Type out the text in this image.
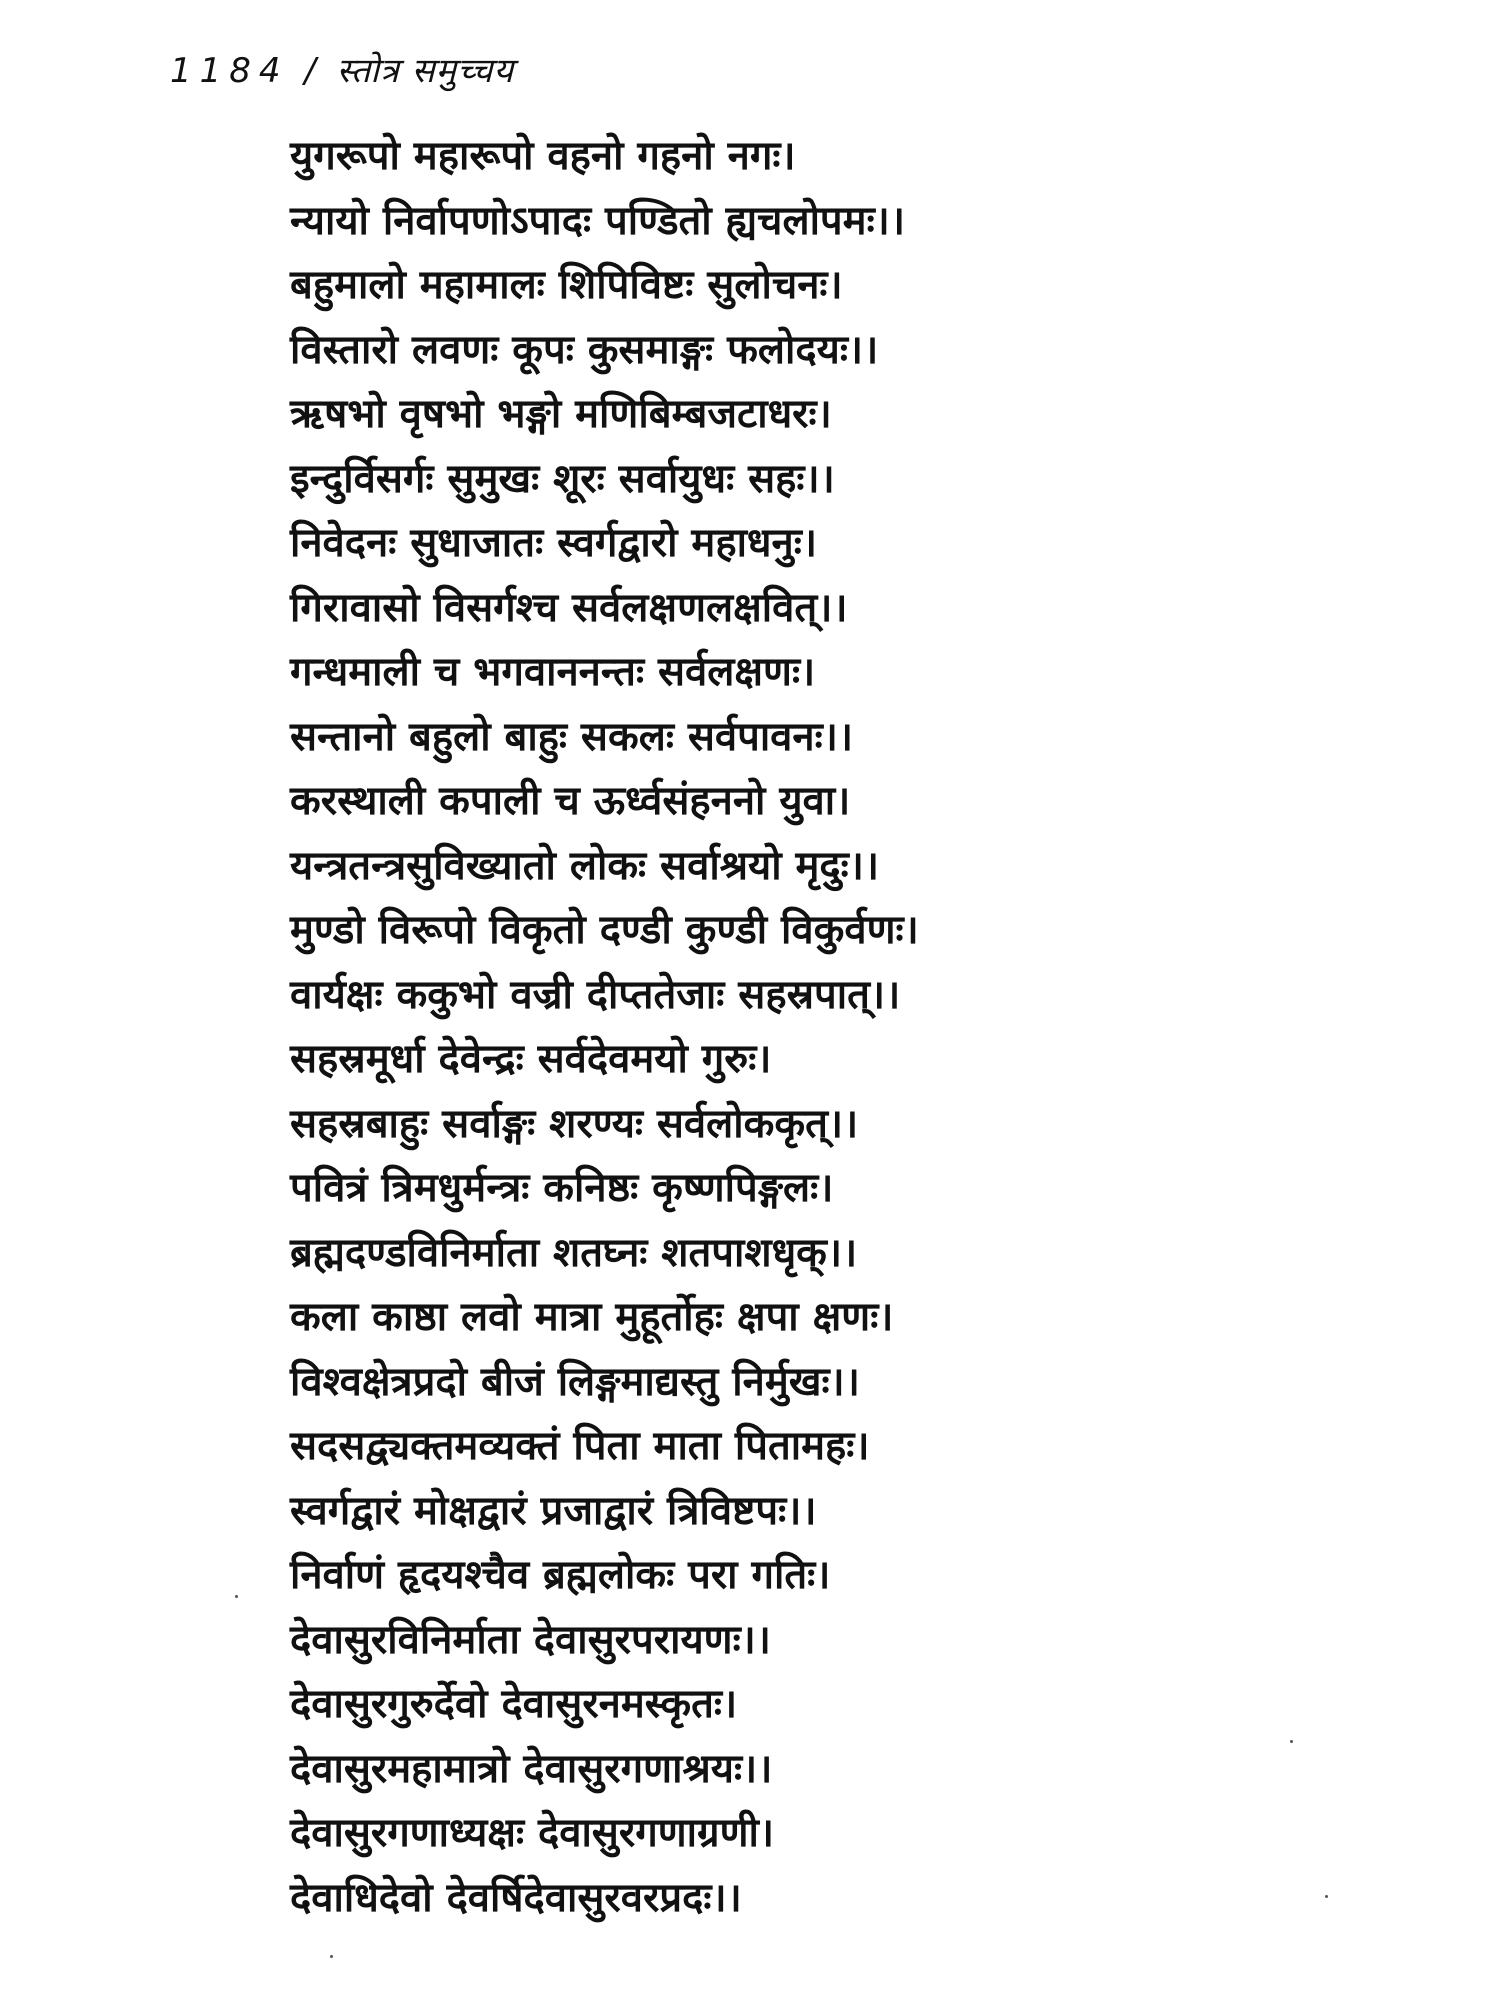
1184 / स्तोत्र समुच्चय
युगरूपो महारूपो वहनो गहनो नगः।
न्यायो निर्वापणोऽपादः पण्डितो ह्यचलोपमः।।
बहुमालो महामालः शिपिविष्टः सुलोचनः।
विस्तारो लवणः कूपः कुसमाङ्गः फलोदयः।।
ऋषभो वृषभो भङ्गो मणिबिम्बजटाधरः।
इन्दुर्विसर्गः सुमुखः शूरः सर्वायुधः सहः।।
निवेदनः सुधाजातः स्वर्गद्वारो महाधनुः।
गिरावासो विसर्गश्च सर्वलक्षणलक्षवित्।।
गन्धमाली च भगवाननन्तः सर्वलक्षणः।
सन्तानो बहुलो बाहुः सकलः सर्वपावनः।।
करस्थाली कपाली च ऊर्ध्वसंहननो युवा।
यन्त्रतन्त्रसुविख्यातो लोकः सर्वाश्रयो मृदुः।।
मुण्डो विरूपो विकृतो दण्डी कुण्डी विकुर्वणः।
वार्यक्षः ककुभो वज्री दीप्ततेजाः सहस्रपात्।।
सहस्रमूर्धा देवेन्द्रः सर्वदेवमयो गुरुः।
सहस्रबाहुः सर्वाङ्गः शरण्यः सर्वलोककृत्।।
पवित्रं त्रिमधुर्मन्त्रः कनिष्ठः कृष्णपिङ्गलः।
ब्रह्मदण्डविनिर्माता शतघ्नः शतपाशधृक्।।
कला काष्ठा लवो मात्रा मुहूर्तोहः क्षपा क्षणः।
विश्वक्षेत्रप्रदो बीजं लिङ्गमाद्यस्तु निर्मुखः।।
सदसद्व्यक्तमव्यक्तं पिता माता पितामहः।
स्वर्गद्वारं मोक्षद्वारं प्रजाद्वारं त्रिविष्टपः।।
निर्वाणं हृदयश्चैव ब्रह्मलोकः परा गतिः।
देवासुरविनिर्माता देवासुरपरायणः।।
देवासुरगुरुर्देवो देवासुरनमस्कृतः।
देवासुरमहामात्रो देवासुरगणाश्रयः।।
देवासुरगणाध्यक्षः देवासुरगणाग्रणी।
देवाधिदेवो देवर्षिदेवासुरवरप्रदः।।
